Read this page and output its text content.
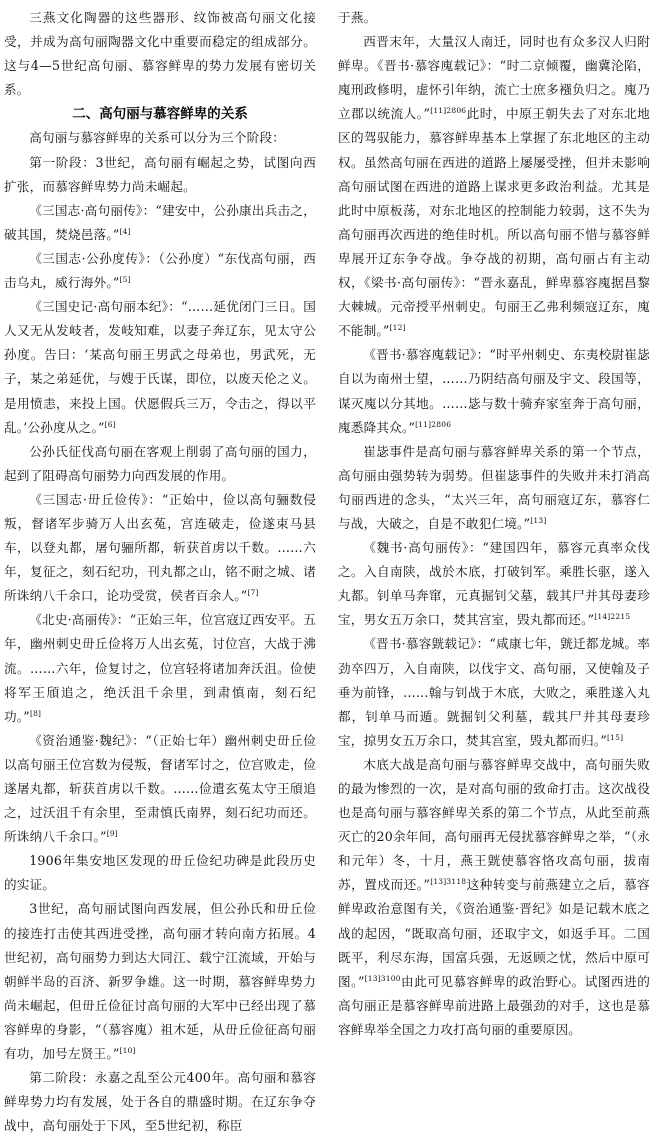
三燕文化陶器的这些器形、纹饰被高句丽文化接受，并成为高句丽陶器文化中重要而稳定的组成部分。这与4—5世纪高句丽、慕容鲜卑的势力发展有密切关系。

二、高句丽与慕容鲜卑的关系

高句丽与慕容鲜卑的关系可以分为三个阶段：

第一阶段：3世纪，高句丽有崛起之势，试图向西扩张，而慕容鲜卑势力尚未崛起。

《三国志·高句丽传》：“建安中，公孙康出兵击之，破其国，焚烧邑落。”[4]

《三国志·公孙度传》：（公孙度）“东伐高句丽，西击乌丸，威行海外。”[5]

《三国史记·高句丽本纪》：“……延优闭门三日。国人又无从发岐者，发岐知难，以妻子奔辽东，见太守公孙度。告曰：‘某高句丽王男武之母弟也，男武死，无子，某之弟延优，与嫂于氏谋，即位，以废天伦之义。是用愤恚，来投上国。伏愿假兵三万，令击之，得以平乱。’公孙度从之。”[6]

公孙氏征伐高句丽在客观上削弱了高句丽的国力，起到了阻碍高句丽势力向西发展的作用。

《三国志·毌丘俭传》：“正始中，俭以高句骊数侵叛，督诸军步骑万人出玄菟，宫连破走，俭遂束马县车，以登丸都，屠句骊所都，斩获首虏以千数。……六年，复征之，刻石纪功，刊丸都之山，铭不耐之城、诸所诛纳八千余口，论功受赏，侯者百余人。”[7]

《北史·高丽传》：“正始三年，位宫寇辽西安平。五年，幽州刺史毌丘俭将万人出玄菟，讨位宫，大战于沸流。……六年，俭复讨之，位宫轻将诸加奔沃沮。俭使将军王頎追之，绝沃沮千余里，到肃慎南，刻石纪功。”[8]

《资治通鉴·魏纪》：“（正始七年）幽州刺史毌丘俭以高句丽王位宫数为侵叛，督诸军讨之，位宫败走，俭遂屠丸都，斩获首虏以千数。……俭遣玄菟太守王頎追之，过沃沮千有余里，至肃慎氏南界，刻石纪功而还。所诛纳八千余口。”[9]

1906年集安地区发现的毌丘俭纪功碑是此段历史的实证。

3世纪，高句丽试图向西发展，但公孙氏和毌丘俭的接连打击使其西进受挫，高句丽才转向南方拓展。4世纪初，高句丽势力到达大同江、载宁江流域，开始与朝鲜半岛的百济、新罗争雄。这一时期，慕容鲜卑势力尚未崛起，但毌丘俭征讨高句丽的大军中已经出现了慕容鲜卑的身影，“（慕容廆）祖木延，从毌丘俭征高句丽有功，加号左贤王。”[10]

第二阶段：永嘉之乱至公元400年。高句丽和慕容鲜卑势力均有发展，处于各自的鼎盛时期。在辽东争夺战中，高句丽处于下风，至5世纪初，称臣

于燕。

西晋末年，大量汉人南迁，同时也有众多汉人归附鲜卑。《晋书·慕容廆载记》：“时二京倾覆，幽冀沦陷，廆刑政修明，虚怀引年纳，流亡士庶多襁负归之。廆乃立郡以统流人。”$^{[11]2806}$此时，中原王朝失去了对东北地区的驾驭能力，慕容鲜卑基本上掌握了东北地区的主动权。虽然高句丽在西进的道路上屡屡受挫，但并未影响高句丽试图在西进的道路上谋求更多政治利益。尤其是此时中原板荡，对东北地区的控制能力较弱，这不失为高句丽再次西进的绝佳时机。所以高句丽不惜与慕容鲜卑展开辽东争夺战。争夺战的初期，高句丽占有主动权，《梁书·高句丽传》：“晋永嘉乱，鲜卑慕容廆据昌黎大棘城。元帝授平州刺史。句丽王乙弗利频寇辽东，廆不能制。”[12]

《晋书·慕容廆载记》：“时平州刺史、东夷校尉崔毖自以为南州士望，……乃阴结高句丽及宇文、段国等，谋灭廆以分其地。……毖与数十骑弃家室奔于高句丽，廆悉降其众。”$^{[11]2806}$

崔毖事件是高句丽与慕容鲜卑关系的第一个节点，高句丽由强势转为弱势。但崔毖事件的失败并未打消高句丽西进的念头，“太兴三年，高句丽寇辽东，慕容仁与战，大破之，自是不敢犯仁境。”[13]

《魏书·高句丽传》：“建国四年，慕容元真率众伐之。入自南陕，战於木底，打破钊军。乘胜长驱，遂入丸都。钊单马奔窜，元真掘钊父墓，载其尸并其母妻珍宝，男女五万余口，焚其宫室，毁丸都而还。”$^{[14]2215}$

《晋书·慕容皝载记》：“咸康七年，皝迁都龙城。率劲卒四万，入自南陕，以伐宇文、高句丽，又使翰及子垂为前锋，……翰与钊战于木底，大败之，乘胜遂入丸都，钊单马而遁。皝掘钊父利墓，载其尸并其母妻珍宝，掠男女五万余口，焚其宫室，毁丸都而归。”[15]

木底大战是高句丽与慕容鲜卑交战中，高句丽失败的最为惨烈的一次，是对高句丽的致命打击。这次战役也是高句丽与慕容鲜卑关系的第二个节点，从此至前燕灭亡的20余年间，高句丽再无侵扰慕容鲜卑之举，“（永和元年）冬，十月，燕王皝使慕容恪攻高句丽，拔南苏，置戍而还。”$^{[13]3118}$这种转变与前燕建立之后，慕容鲜卑政治意图有关，《资治通鉴·晋纪》如是记载木底之战的起因，“既取高句丽，还取宇文，如返手耳。二国既平，利尽东海，国富兵强，无返顾之忧，然后中原可图。”$^{[13]3100}$由此可见慕容鲜卑的政治野心。试图西进的高句丽正是慕容鲜卑前进路上最强劲的对手，这也是慕容鲜卑举全国之力攻打高句丽的重要原因。
